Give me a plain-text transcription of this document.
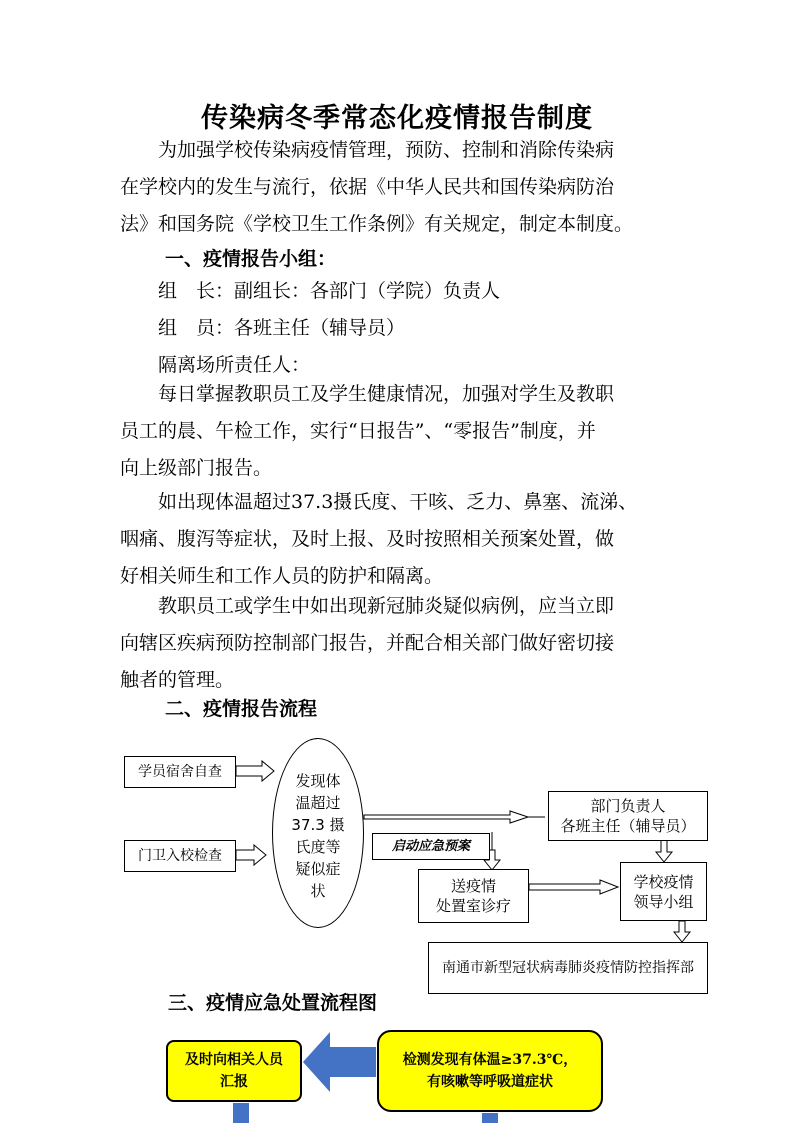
传染病冬季常态化疫情报告制度
　　为加强学校传染病疫情管理，预防、控制和消除传染病
在学校内的发生与流行，依据《中华人民共和国传染病防治
法》和国务院《学校卫生工作条例》有关规定，制定本制度。
一、疫情报告小组：
　　组　长：副组长：各部门（学院）负责人
　　组　员：各班主任（辅导员）
　　隔离场所责任人：
　　每日掌握教职员工及学生健康情况，加强对学生及教职
员工的晨、午检工作，实行“日报告”、“零报告”制度，并
向上级部门报告。
　　如出现体温超过37.3摄氏度、干咳、乏力、鼻塞、流涕、
咽痛、腹泻等症状，及时上报、及时按照相关预案处置，做
好相关师生和工作人员的防护和隔离。
　　教职员工或学生中如出现新冠肺炎疑似病例，应当立即
向辖区疾病预防控制部门报告，并配合相关部门做好密切接
触者的管理。
二、疫情报告流程
学员宿舍自查
门卫入校检查
发现体
温超过
37.3 摄
氏度等
疑似症
状
启动应急预案
部门负责人
各班主任（辅导员）
送疫情
处置室诊疗
学校疫情
领导小组
南通市新型冠状病毒肺炎疫情防控指挥部
三、疫情应急处置流程图
及时向相关人员
汇报
检测发现有体温≥37.3℃，
有咳嗽等呼吸道症状
